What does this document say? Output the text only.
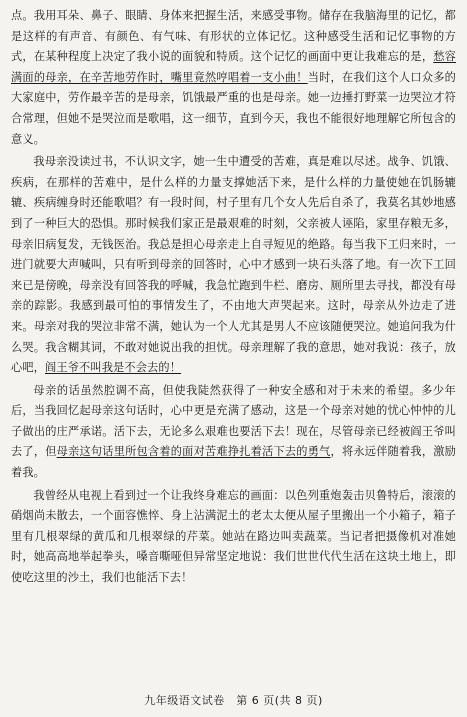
点。我用耳朵、鼻子、眼睛、身体来把握生活，来感受事物。储存在我脑海里的记忆，都是这样的有声音、有颜色、有气味、有形状的立体记忆。这种感受生活和记忆事物的方式，在某种程度上决定了我小说的面貌和特质。这个记忆的画面中更让我难忘的是，愁容满面的母亲，在辛苦地劳作时，嘴里竟然哼唱着一支小曲！当时，在我们这个人口众多的大家庭中，劳作最辛苦的是母亲，饥饿最严重的也是母亲。她一边捶打野菜一边哭泣才符合常理，但她不是哭泣而是歌唱，这一细节，直到今天，我也不能很好地理解它所包含的意义。

我母亲没读过书，不认识文字，她一生中遭受的苦难，真是难以尽述。战争、饥饿、疾病，在那样的苦难中，是什么样的力量支撑她活下来，是什么样的力量使她在饥肠辘辘、疾病缠身时还能歌唱？有一段时间，村子里有几个女人先后自杀了，我莫名其妙地感到了一种巨大的恐惧。那时候我们家正是最艰难的时刻，父亲被人诬陷，家里存粮无多，母亲旧病复发，无钱医治。我总是担心母亲走上自寻短见的绝路。每当我下工归来时，一进门就要大声喊叫，只有听到母亲的回答时，心中才感到一块石头落了地。有一次下工回来已是傍晚，母亲没有回答我的呼喊，我急忙跑到牛栏、磨房、厕所里去寻找，都没有母亲的踪影。我感到最可怕的事情发生了，不由地大声哭起来。这时，母亲从外边走了进来。母亲对我的哭泣非常不满，她认为一个人尤其是男人不应该随便哭泣。她追问我为什么哭。我含糊其词，不敢对她说出我的担忧。母亲理解了我的意思，她对我说：孩子，放心吧，阎王爷不叫我是不会去的！

母亲的话虽然腔调不高，但使我陡然获得了一种安全感和对于未来的希望。多少年后，当我回忆起母亲这句话时，心中更是充满了感动，这是一个母亲对她的忧心忡忡的儿子做出的庄严承诺。活下去，无论多么艰难也要活下去！现在，尽管母亲已经被阎王爷叫去了，但母亲这句话里所包含着的面对苦难挣扎着活下去的勇气，将永远伴随着我，激励着我。

我曾经从电视上看到过一个让我终身难忘的画面：以色列重炮轰击贝鲁特后，滚滚的硝烟尚未散去，一个面容憔悴、身上沾满泥土的老太太便从屋子里搬出一个小箱子，箱子里有几根翠绿的黄瓜和几根翠绿的芹菜。她站在路边叫卖蔬菜。当记者把摄像机对准她时，她高高地举起拳头，嗓音嘶哑但异常坚定地说：我们世世代代生活在这块土地上，即使吃这里的沙土，我们也能活下去！

九年级语文试卷　第 6 页(共 8 页)
